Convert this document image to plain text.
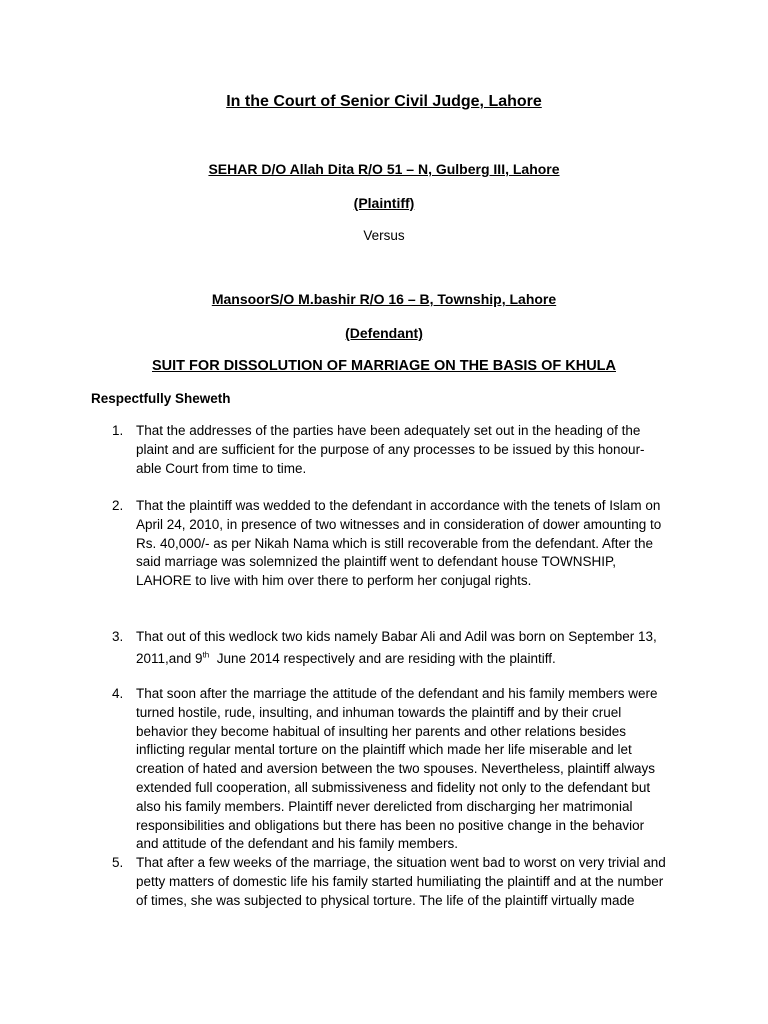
In the Court of Senior Civil Judge, Lahore
SEHAR D/O Allah Dita R/O 51 – N, Gulberg III, Lahore
(Plaintiff)
Versus
MansoorS/O M.bashir R/O 16 – B, Township, Lahore
(Defendant)
SUIT FOR DISSOLUTION OF MARRIAGE ON THE BASIS OF KHULA
Respectfully Sheweth
1. That the addresses of the parties have been adequately set out in the heading of the
plaint and are sufficient for the purpose of any processes to be issued by this honour-
able Court from time to time.
2. That the plaintiff was wedded to the defendant in accordance with the tenets of Islam on
April 24, 2010, in presence of two witnesses and in consideration of dower amounting to
Rs. 40,000/- as per Nikah Nama which is still recoverable from the defendant. After the
said marriage was solemnized the plaintiff went to defendant house TOWNSHIP,
LAHORE to live with him over there to perform her conjugal rights.
3. That out of this wedlock two kids namely Babar Ali and Adil was born on September 13,
2011,and 9th  June 2014 respectively and are residing with the plaintiff.
4. That soon after the marriage the attitude of the defendant and his family members were
turned hostile, rude, insulting, and inhuman towards the plaintiff and by their cruel
behavior they become habitual of insulting her parents and other relations besides
inflicting regular mental torture on the plaintiff which made her life miserable and let
creation of hated and aversion between the two spouses. Nevertheless, plaintiff always
extended full cooperation, all submissiveness and fidelity not only to the defendant but
also his family members. Plaintiff never derelicted from discharging her matrimonial
responsibilities and obligations but there has been no positive change in the behavior
and attitude of the defendant and his family members.
5. That after a few weeks of the marriage, the situation went bad to worst on very trivial and
petty matters of domestic life his family started humiliating the plaintiff and at the number
of times, she was subjected to physical torture. The life of the plaintiff virtually made
